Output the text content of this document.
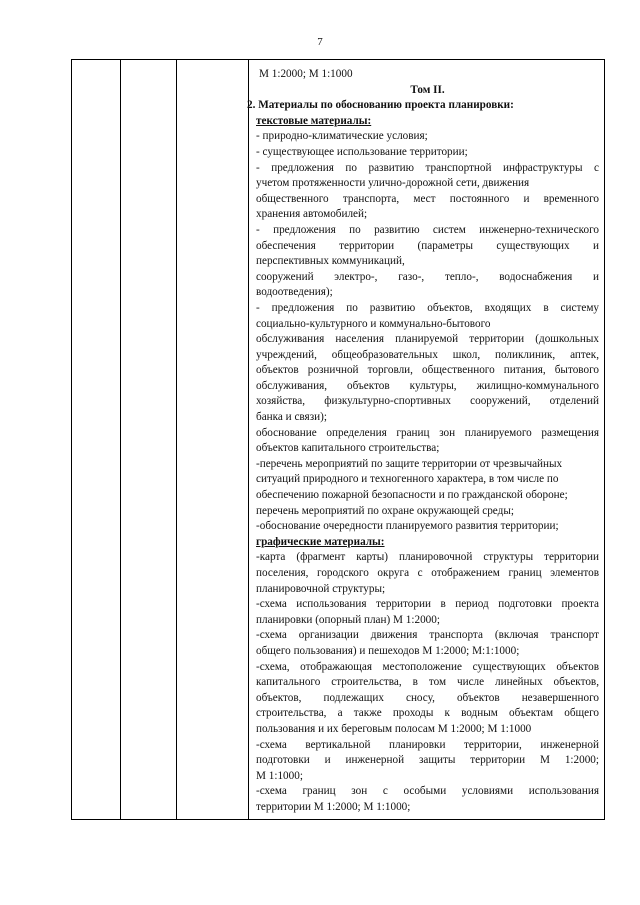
7
М 1:2000; М 1:1000
Том II.
2. Материалы по обоснованию проекта планировки:
текстовые материалы:
- природно-климатические условия;
- существующее использование территории;
- предложения по развитию транспортной инфраструктуры с
учетом протяженности улично-дорожной сети, движения
общественного транспорта, мест постоянного и временного
хранения автомобилей;
- предложения по развитию систем инженерно-технического
обеспечения территории (параметры существующих и
перспективных коммуникаций,
сооружений электро-, газо-, тепло-, водоснабжения и
водоотведения);
- предложения по развитию объектов, входящих в систему
социально-культурного и коммунально-бытового
обслуживания населения планируемой территории (дошкольных
учреждений, общеобразовательных школ, поликлиник, аптек,
объектов розничной торговли, общественного питания, бытового
обслуживания, объектов культуры, жилищно-коммунального
хозяйства, физкультурно-спортивных сооружений, отделений
банка и связи);
обоснование определения границ зон планируемого размещения
объектов капитального строительства;
-перечень мероприятий по защите территории от чрезвычайных
ситуаций природного и техногенного характера, в том числе по
обеспечению пожарной безопасности и по гражданской обороне;
перечень мероприятий по охране окружающей среды;
-обоснование очередности планируемого развития территории;
графические материалы:
-карта (фрагмент карты) планировочной структуры территории
поселения, городского округа с отображением границ элементов
планировочной структуры;
-схема использования территории в период подготовки проекта
планировки (опорный план) М 1:2000;
-схема организации движения транспорта (включая транспорт
общего пользования) и пешеходов М 1:2000; М:1:1000;
-схема, отображающая местоположение существующих объектов
капитального строительства, в том числе линейных объектов,
объектов, подлежащих сносу, объектов незавершенного
строительства, а также проходы к водным объектам общего
пользования и их береговым полосам М 1:2000; М 1:1000
-схема вертикальной планировки территории, инженерной
подготовки и инженерной защиты территории М 1:2000;
М 1:1000;
-схема границ зон с особыми условиями использования
территории М 1:2000; М 1:1000;
